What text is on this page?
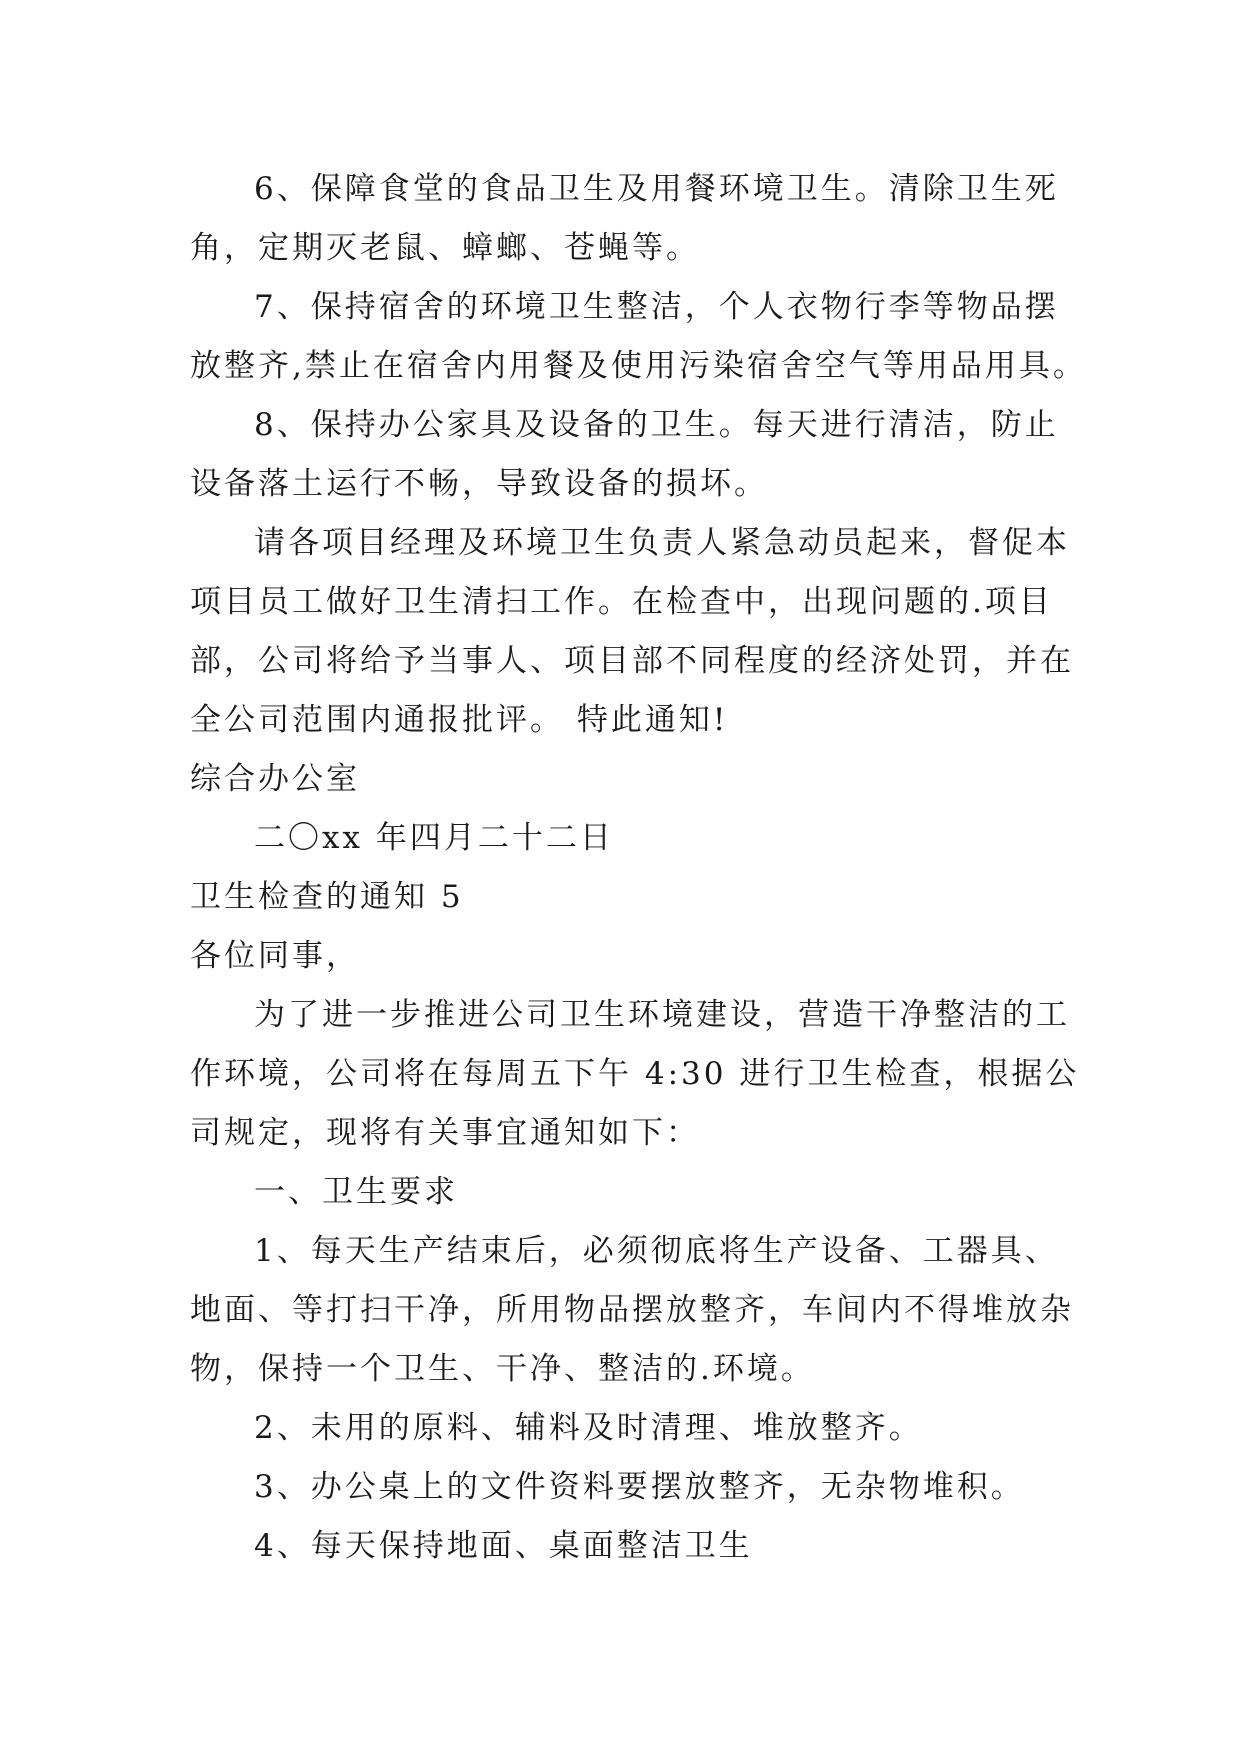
6、保障食堂的食品卫生及用餐环境卫生。清除卫生死
角，定期灭老鼠、蟑螂、苍蝇等。
7、保持宿舍的环境卫生整洁，个人衣物行李等物品摆
放整齐,禁止在宿舍内用餐及使用污染宿舍空气等用品用具。
8、保持办公家具及设备的卫生。每天进行清洁，防止
设备落土运行不畅，导致设备的损坏。
请各项目经理及环境卫生负责人紧急动员起来，督促本
项目员工做好卫生清扫工作。在检查中，出现问题的.项目
部，公司将给予当事人、项目部不同程度的经济处罚，并在
全公司范围内通报批评。 特此通知!
综合办公室
二〇xx 年四月二十二日
卫生检查的通知 5
各位同事，
为了进一步推进公司卫生环境建设，营造干净整洁的工
作环境，公司将在每周五下午 4:30 进行卫生检查，根据公
司规定，现将有关事宜通知如下：
一、卫生要求
1、每天生产结束后，必须彻底将生产设备、工器具、
地面、等打扫干净，所用物品摆放整齐，车间内不得堆放杂
物，保持一个卫生、干净、整洁的.环境。
2、未用的原料、辅料及时清理、堆放整齐。
3、办公桌上的文件资料要摆放整齐，无杂物堆积。
4、每天保持地面、桌面整洁卫生
